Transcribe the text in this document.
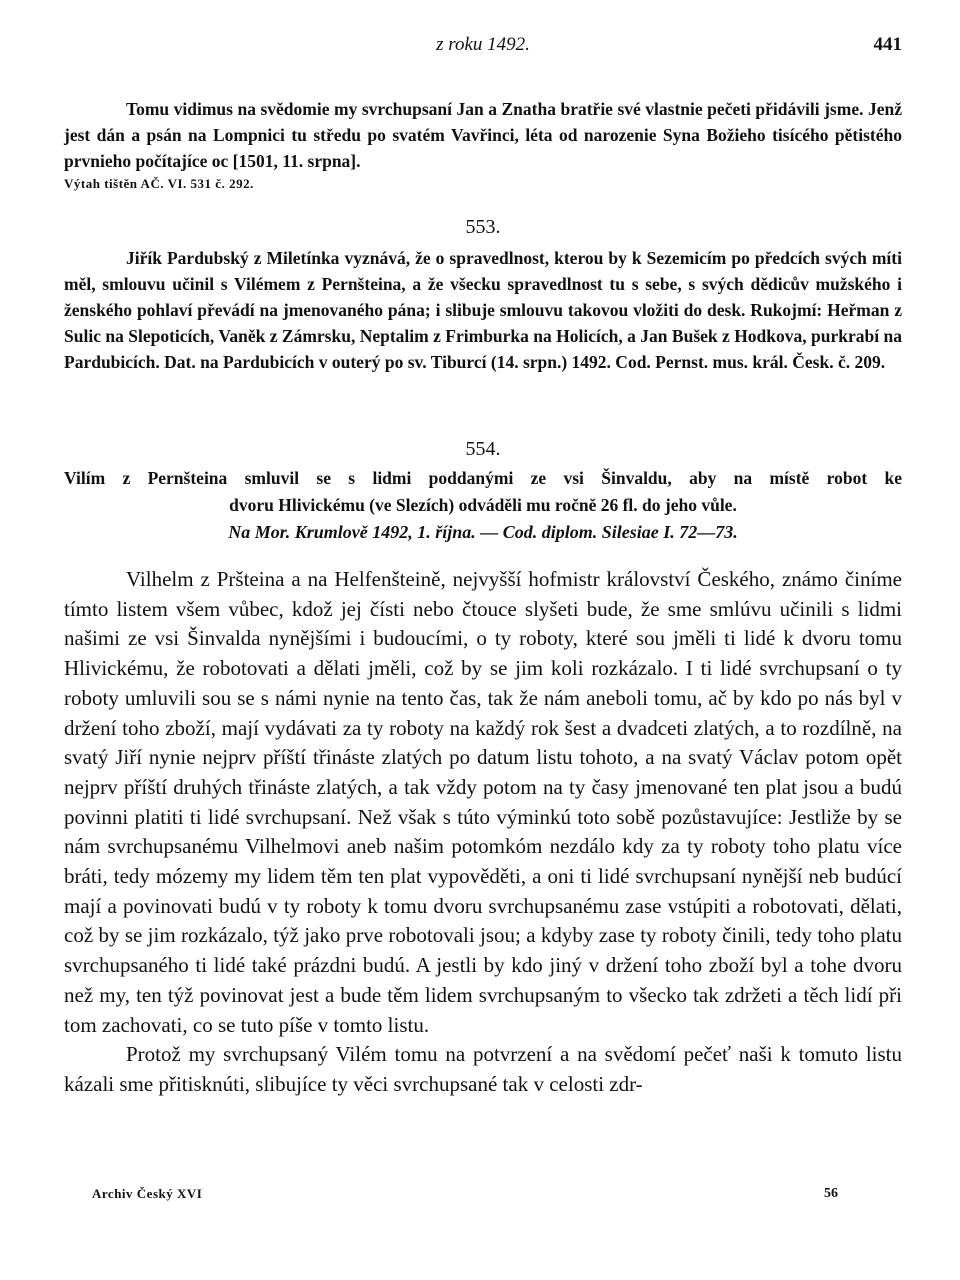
z roku 1492.	441

Tomu vidimus na svědomie my svrchupsaní Jan a Znatha bratřie své vlastnie pečeti přidávili jsme. Jenž jest dán a psán na Lompnici tu středu po svatém Vavřinci, léta od narozenie Syna Božieho tisícého pětistého prvnieho počítajíce oc [1501, 11. srpna].

Výtah tištěn AČ. VI. 531 č. 292.

553.

Jiřík Pardubský z Miletínka vyznává, že o spravedlnost, kterou by k Sezemicím po předcích svých míti měl, smlouvu učinil s Vilémem z Pernšteina, a že všecku spravedlnost tu s sebe, s svých dědicův mužského i ženského pohlaví převádí na jmenovaného pána; i slibuje smlouvu takovou vložiti do desk. Rukojmí: Heřman z Sulic na Slepoticích, Vaněk z Zámrsku, Neptalim z Frimburka na Holicích, a Jan Bušek z Hodkova, purkrabí na Pardubicích. Dat. na Pardubicích v outerý po sv. Tiburcí (14. srpn.) 1492. Cod. Pernst. mus. král. Česk. č. 209.

554.

Vilím z Pernšteina smluvil se s lidmi poddanými ze vsi Šinvaldu, aby na místě robot ke

dvoru Hlivickému (ve Slezích) odváděli mu ročně 26 fl. do jeho vůle.

Na Mor. Krumlově 1492, 1. října. — Cod. diplom. Silesiae I. 72—73.

Vilhelm z Pršteina a na Helfenšteině, nejvyšší hofmistr království Českého, známo činíme tímto listem všem vůbec, kdož jej čísti nebo čtouce slyšeti bude, že sme smlúvu učinili s lidmi našimi ze vsi Šinvalda nynějšími i budoucími, o ty roboty, které sou jměli ti lidé k dvoru tomu Hlivickému, že robotovati a dělati jměli, což by se jim koli rozkázalo. I ti lidé svrchupsaní o ty roboty umluvili sou se s námi nynie na tento čas, tak že nám aneboli tomu, ač by kdo po nás byl v držení toho zboží, mají vydávati za ty roboty na každý rok šest a dvadceti zlatých, a to rozdílně, na svatý Jiří nynie nejprv příští třináste zlatých po datum listu tohoto, a na svatý Václav potom opět nejprv příští druhých třináste zlatých, a tak vždy potom na ty časy jmenované ten plat jsou a budú povinni platiti ti lidé svrchupsaní. Než však s túto výminkú toto sobě pozůstavujíce: Jestliže by se nám svrchupsanému Vilhelmovi aneb našim potomkóm nezdálo kdy za ty roboty toho platu více bráti, tedy mózemy my lidem těm ten plat vypověděti, a oni ti lidé svrchupsaní nynější neb budúcí mají a povinovati budú v ty roboty k tomu dvoru svrchupsanému zase vstúpiti a robotovati, dělati, což by se jim rozkázalo, týž jako prve robotovali jsou; a kdyby zase ty roboty činili, tedy toho platu svrchupsaného ti lidé také prázdni budú. A jestli by kdo jiný v držení toho zboží byl a tohe dvoru než my, ten týž povinovat jest a bude těm lidem svrchupsaným to všecko tak zdržeti a těch lidí při tom zachovati, co se tuto píše v tomto listu.

Protož my svrchupsaný Vilém tomu na potvrzení a na svědomí pečeť naši k tomuto listu kázali sme přitisknúti, slibujíce ty věci svrchupsané tak v celosti zdr-

Archiv Český XVI	56
